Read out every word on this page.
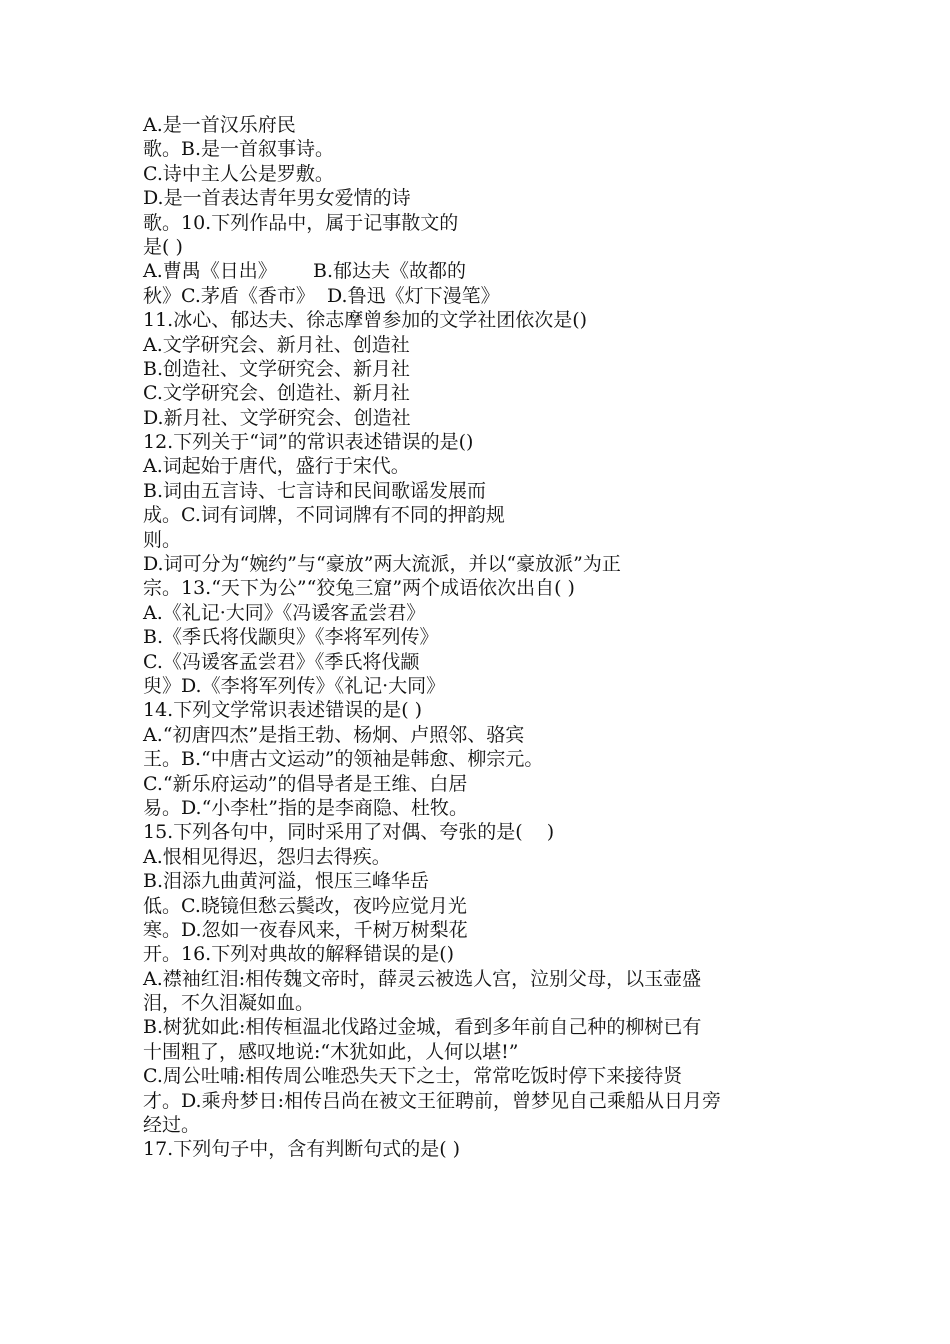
A.是一首汉乐府民
歌。B.是一首叙事诗。
C.诗中主人公是罗敷。
D.是一首表达青年男女爱情的诗
歌。10.下列作品中，属于记事散文的
是( )
A.曹禺《日出》      B.郁达夫《故都的
秋》C.茅盾《香市》  D.鲁迅《灯下漫笔》
11.冰心、郁达夫、徐志摩曾参加的文学社团依次是()
A.文学研究会、新月社、创造社
B.创造社、文学研究会、新月社
C.文学研究会、创造社、新月社
D.新月社、文学研究会、创造社
12.下列关于“词”的常识表述错误的是()
A.词起始于唐代，盛行于宋代。
B.词由五言诗、七言诗和民间歌谣发展而
成。C.词有词牌，不同词牌有不同的押韵规
则。
D.词可分为“婉约”与“豪放”两大流派，并以“豪放派”为正
宗。13.“天下为公”“狡兔三窟”两个成语依次出自( )
A.《礼记·大同》《冯谖客孟尝君》
B.《季氏将伐颛臾》《李将军列传》
C.《冯谖客孟尝君》《季氏将伐颛
臾》D.《李将军列传》《礼记·大同》
14.下列文学常识表述错误的是( )
A.“初唐四杰”是指王勃、杨炯、卢照邻、骆宾
王。B.“中唐古文运动”的领袖是韩愈、柳宗元。
C.“新乐府运动”的倡导者是王维、白居
易。D.“小李杜”指的是李商隐、杜牧。
15.下列各句中，同时采用了对偶、夸张的是(    )
A.恨相见得迟，怨归去得疾。
B.泪添九曲黄河溢，恨压三峰华岳
低。C.晓镜但愁云鬓改，夜吟应觉月光
寒。D.忽如一夜春风来，千树万树梨花
开。16.下列对典故的解释错误的是()
A.襟袖红泪:相传魏文帝时，薛灵云被选人宫，泣别父母，以玉壶盛
泪，不久泪凝如血。
B.树犹如此:相传桓温北伐路过金城，看到多年前自己种的柳树已有
十围粗了，感叹地说:“木犹如此，人何以堪!”
C.周公吐哺:相传周公唯恐失天下之士，常常吃饭时停下来接待贤
才。D.乘舟梦日:相传吕尚在被文王征聘前，曾梦见自己乘船从日月旁
经过。
17.下列句子中，含有判断句式的是( )
